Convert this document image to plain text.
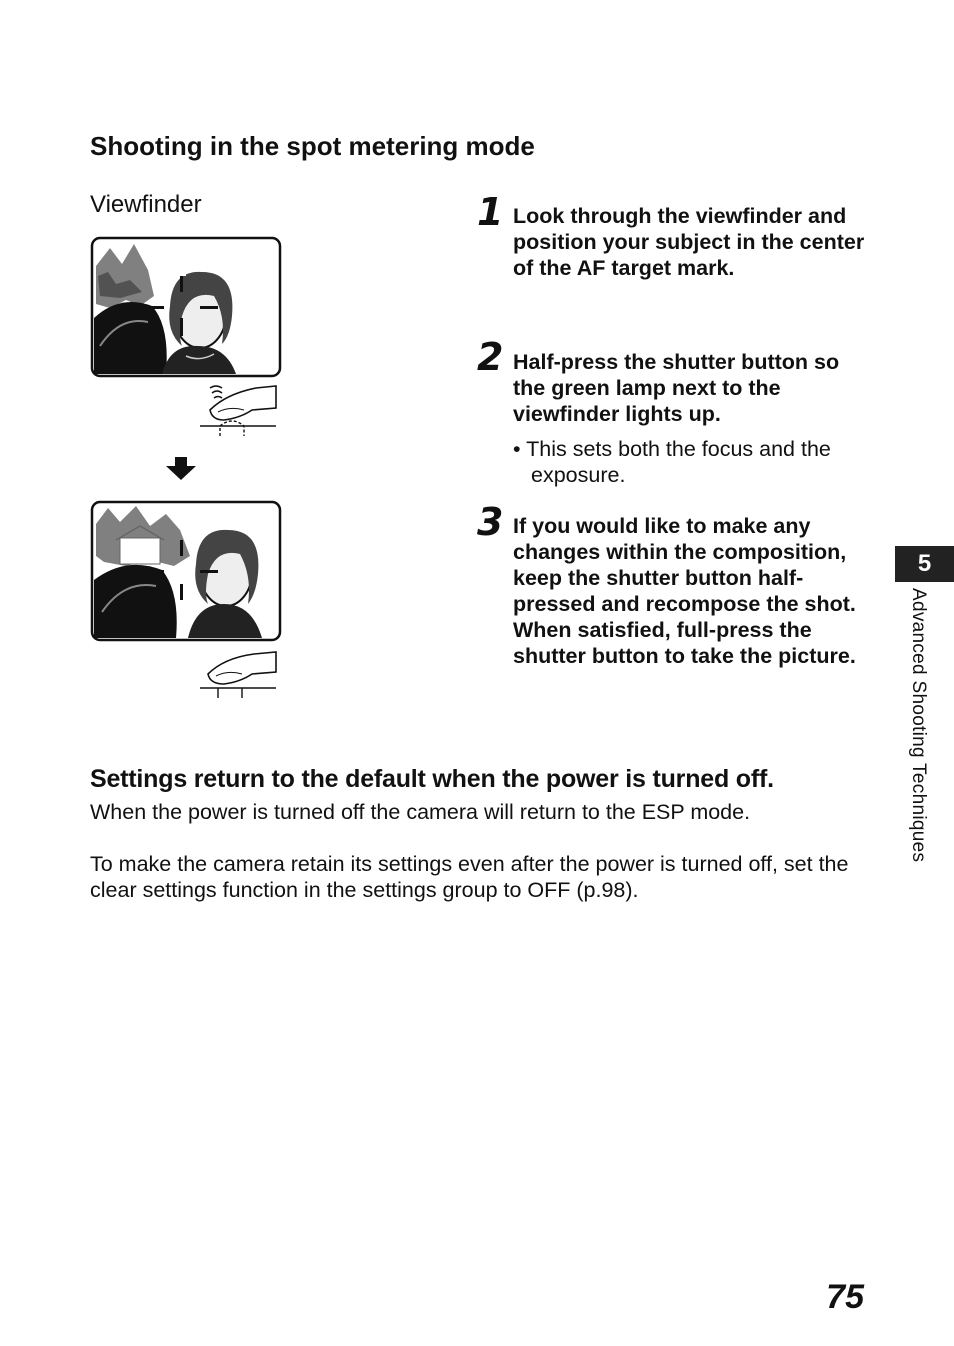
Shooting in the spot metering mode
Viewfinder	1 Look through the viewfinder and position your subject in the center of the AF target mark.
2 Half-press the shutter button so the green lamp next to the viewfinder lights up.
• This sets both the focus and the exposure.
3 If you would like to make any changes within the composition, keep the shutter button half-pressed and recompose the shot. When satisfied, full-press the shutter button to take the picture.
Settings return to the default when the power is turned off.

When the power is turned off the camera will return to the ESP mode.

To make the camera retain its settings even after the power is turned off, set the clear settings function in the settings group to OFF (p.98).

5
Advanced Shooting Techniques
75
